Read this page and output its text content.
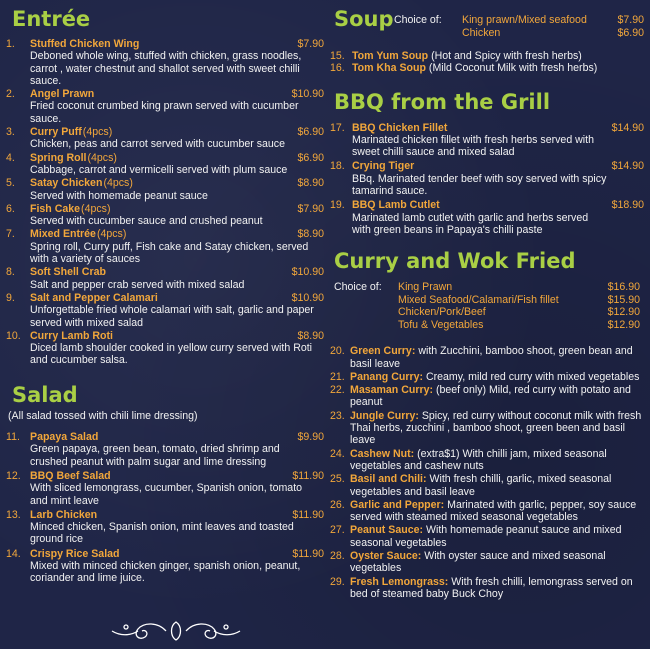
Entrée
1.	Stuffed Chicken Wing	$7.90
Deboned whole wing, stuffed with chicken, grass noodles, carrot , water chestnut and shallot served with sweet chilli sauce.
2.	Angel Prawn	$10.90
Fried coconut crumbed king prawn served with cucumber sauce.
3.	Curry Puff (4pcs)	$6.90
Chicken, peas and carrot served with cucumber sauce
4.	Spring Roll (4pcs)	$6.90
Cabbage, carrot and vermicelli served with plum sauce
5.	Satay Chicken (4pcs)	$8.90
Served with homemade peanut sauce
6.	Fish Cake (4pcs)	$7.90
Served with cucumber sauce and crushed peanut
7.	Mixed Entrée (4pcs)	$8.90
Spring roll, Curry puff, Fish cake and Satay chicken, served with a variety of sauces
8.	Soft Shell Crab	$10.90
Salt and pepper crab served with mixed salad
9.	Salt and Pepper Calamari	$10.90
Unforgettable fried whole calamari with salt, garlic and paper served with mixed salad
10. Curry Lamb Roti	$8.90
Diced lamb shoulder cooked in yellow curry served with Roti and cucumber salsa.
Salad
(All salad tossed with chili lime dressing)
11. Papaya Salad	$9.90
Green papaya, green bean, tomato, dried shrimp and crushed peanut with palm sugar and lime dressing
12. BBQ Beef Salad	$11.90
With sliced lemongrass, cucumber, Spanish onion, tomato and mint leave
13. Larb Chicken	$11.90
Minced chicken, Spanish onion, mint leaves and toasted ground rice
14. Crispy Rice Salad	$11.90
Mixed with minced chicken ginger, spanish onion, peanut, coriander and lime juice.
Soup Choice of: King prawn/Mixed seafood	$7.90
Chicken	$6.90
15. Tom Yum Soup (Hot and Spicy with fresh herbs)
16. Tom Kha Soup (Mild Coconut Milk with fresh herbs)
BBQ from the Grill
17. BBQ Chicken Fillet	$14.90
Marinated chicken fillet with fresh herbs served with sweet chilli sauce and mixed salad
18. Crying Tiger	$14.90
BBq. Marinated tender beef with soy served with spicy tamarind sauce.
19. BBQ Lamb Cutlet	$18.90
Marinated lamb cutlet with garlic and herbs served with green beans in Papaya's chilli paste
Curry and Wok Fried
Choice of: King Prawn	$16.90
Mixed Seafood/Calamari/Fish fillet	$15.90
Chicken/Pork/Beef	$12.90
Tofu & Vegetables	$12.90
20. Green Curry: with Zucchini, bamboo shoot, green bean and basil leave
21. Panang Curry: Creamy, mild red curry with mixed vegetables
22. Masaman Curry: (beef only) Mild, red curry with potato and peanut
23. Jungle Curry: Spicy, red curry without coconut milk with fresh Thai herbs, zucchini , bamboo shoot, green been and basil leave
24. Cashew Nut: (extra$1) With chilli jam, mixed seasonal vegetables and cashew nuts
25. Basil and Chili: With fresh chilli, garlic, mixed seasonal vegetables and basil leave
26. Garlic and Pepper: Marinated with garlic, pepper, soy sauce served with steamed mixed seasonal vegetables
27. Peanut Sauce: With homemade peanut sauce and mixed seasonal vegetables
28. Oyster Sauce: With oyster sauce and mixed seasonal vegetables
29. Fresh Lemongrass: With fresh chilli, lemongrass served on bed of steamed baby Buck Choy
